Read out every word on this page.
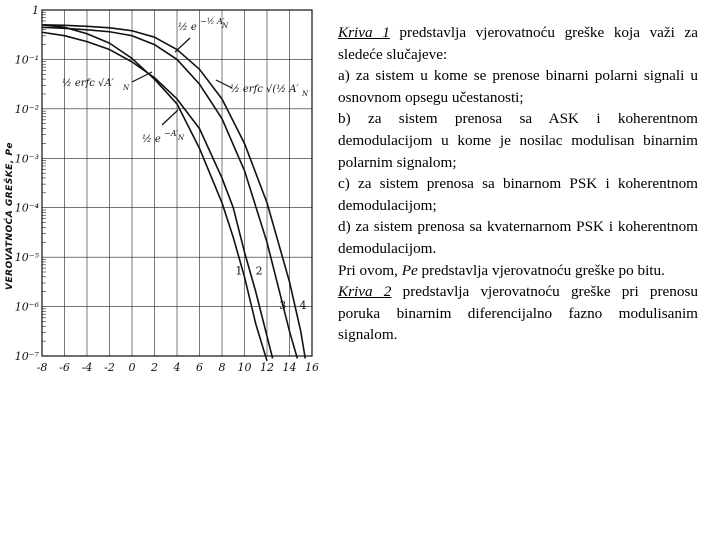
VEROVATNOĆA GREŠKE, Pe
½ e
−½ A′
N
½ erfc √A′ N	½ erfc √(½ A′ N
½ e
−A′ N
-8 -6 -4 -2 0 2 4 6 8 10 12 14 16
1
10⁻¹
10⁻²
10⁻³
10⁻⁴
10⁻⁵
10⁻⁶
10⁻⁷
1 2
3 4

Kriva 1 predstavlja vjerovatnoću greške koja važi za sledeće slučajeve:

a) za sistem u kome se prenose binarni polarni signali u osnovnom opsegu učestanosti;

b) za sistem prenosa sa ASK i koherentnom demodulacijom u kome je nosilac modulisan binarnim polarnim signalom;

c) za sistem prenosa sa binarnom PSK i koherentnom demodulacijom;

d) za sistem prenosa sa kvaternarnom PSK i koherentnom demodulacijom.

Pri ovom, Pe predstavlja vjerovatnoću greške po bitu.

Kriva 2 predstavlja vjerovatnoću greške pri prenosu poruka binarnim diferencijalno fazno modulisanim signalom.
